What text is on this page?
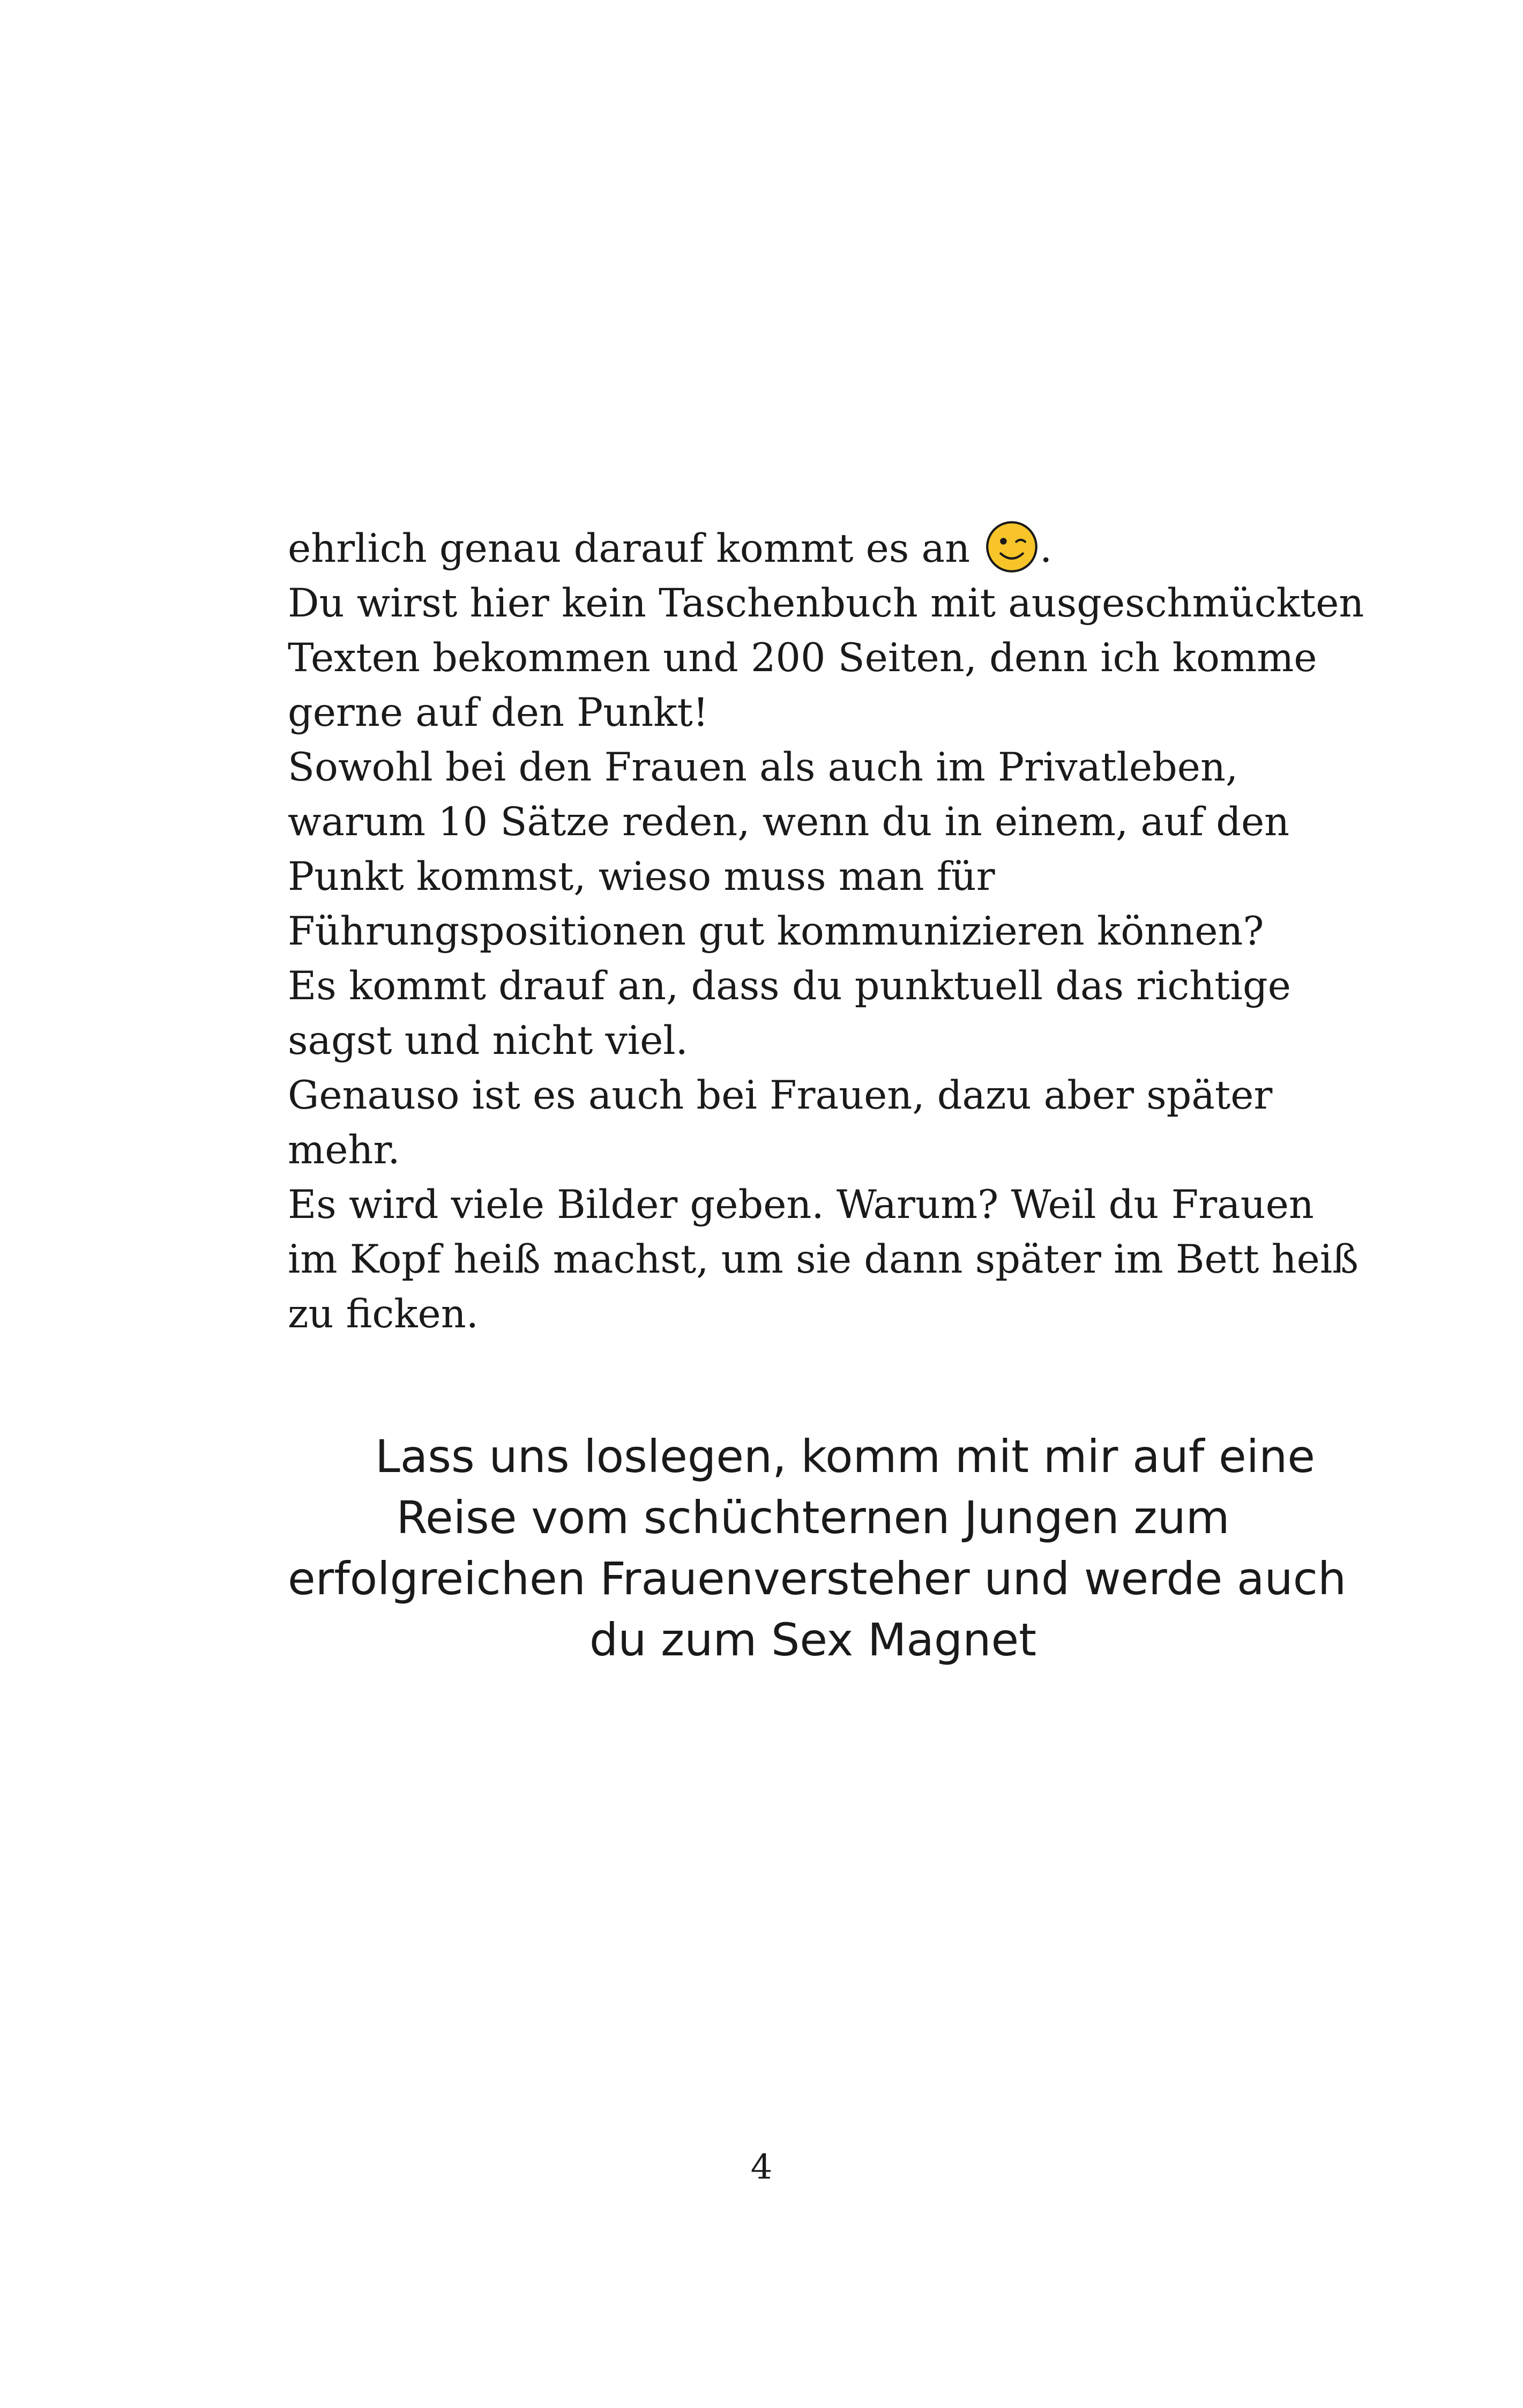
ehrlich genau darauf kommt es an .
Du wirst hier kein Taschenbuch mit ausgeschmückten
Texten bekommen und 200 Seiten, denn ich komme
gerne auf den Punkt!
Sowohl bei den Frauen als auch im Privatleben,
warum 10 Sätze reden, wenn du in einem, auf den
Punkt kommst, wieso muss man für
Führungspositionen gut kommunizieren können?
Es kommt drauf an, dass du punktuell das richtige
sagst und nicht viel.
Genauso ist es auch bei Frauen, dazu aber später
mehr.
Es wird viele Bilder geben. Warum? Weil du Frauen
im Kopf heiß machst, um sie dann später im Bett heiß
zu ficken.
Lass uns loslegen, komm mit mir auf eine
Reise vom schüchternen Jungen zum
erfolgreichen Frauenversteher und werde auch
du zum Sex Magnet
4
